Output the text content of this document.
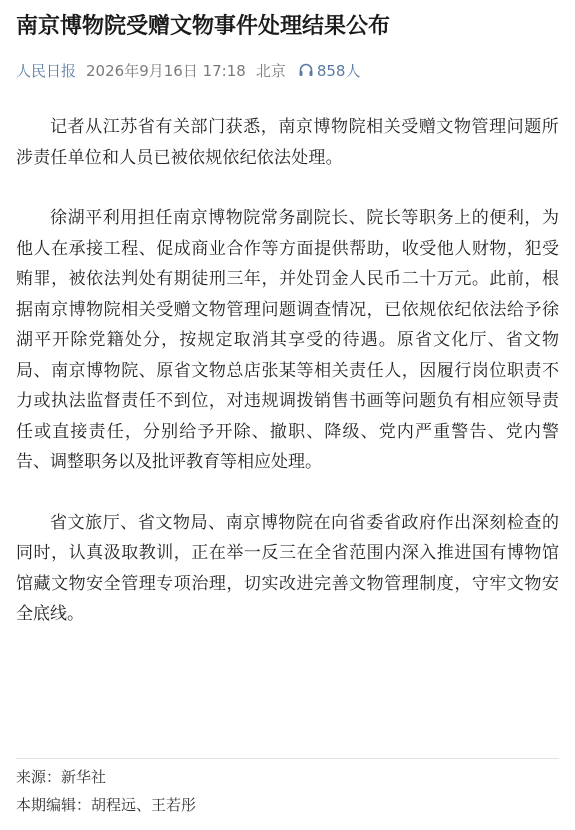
南京博物院受赠文物事件处理结果公布
人民日报 2026年9月16日 17:18 北京 858人

记者从江苏省有关部门获悉，南京博物院相关受赠文物管理问题所涉责任单位和人员已被依规依纪依法处理。

徐湖平利用担任南京博物院常务副院长、院长等职务上的便利，为他人在承接工程、促成商业合作等方面提供帮助，收受他人财物，犯受贿罪，被依法判处有期徒刑三年，并处罚金人民币二十万元。此前，根据南京博物院相关受赠文物管理问题调查情况，已依规依纪依法给予徐湖平开除党籍处分，按规定取消其享受的待遇。原省文化厅、省文物局、南京博物院、原省文物总店张某等相关责任人，因履行岗位职责不力或执法监督责任不到位，对违规调拨销售书画等问题负有相应领导责任或直接责任，分别给予开除、撤职、降级、党内严重警告、党内警告、调整职务以及批评教育等相应处理。

省文旅厅、省文物局、南京博物院在向省委省政府作出深刻检查的同时，认真汲取教训，正在举一反三在全省范围内深入推进国有博物馆馆藏文物安全管理专项治理，切实改进完善文物管理制度，守牢文物安全底线。

来源：新华社
本期编辑：胡程远、王若彤
